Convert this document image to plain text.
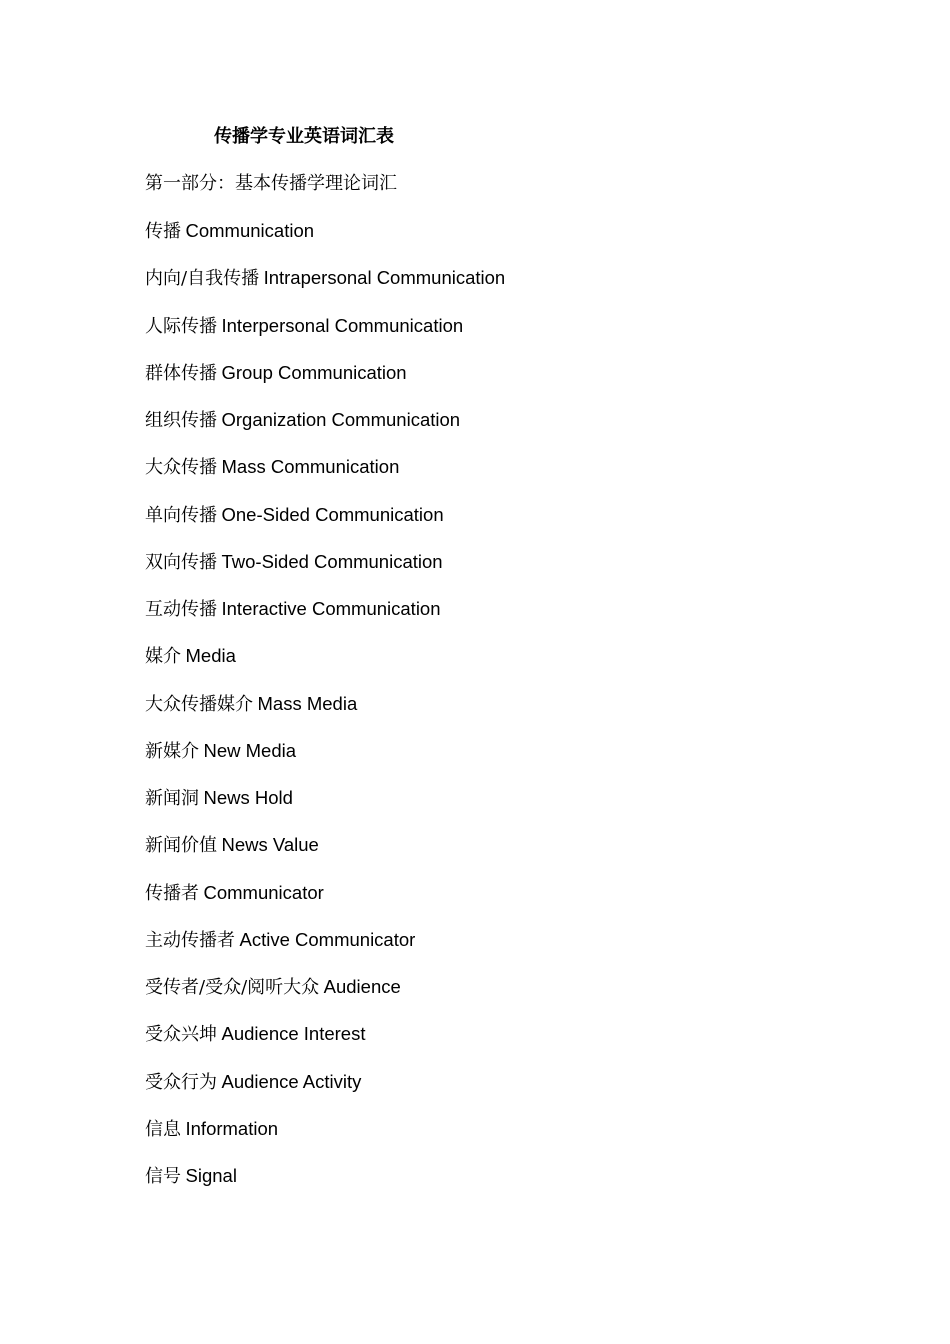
传播学专业英语词汇表
第一部分：基本传播学理论词汇
传播 Communication
内向/自我传播 Intrapersonal Communication
人际传播 Interpersonal Communication
群体传播 Group Communication
组织传播 Organization Communication
大众传播 Mass Communication
单向传播 One-Sided Communication
双向传播 Two-Sided Communication
互动传播 Interactive Communication
媒介 Media
大众传播媒介 Mass Media
新媒介 New Media
新闻洞 News Hold
新闻价值 News Value
传播者 Communicator
主动传播者 Active Communicator
受传者/受众/阅听大众 Audience
受众兴坤 Audience Interest
受众行为 Audience Activity
信息 Information
信号 Signal
